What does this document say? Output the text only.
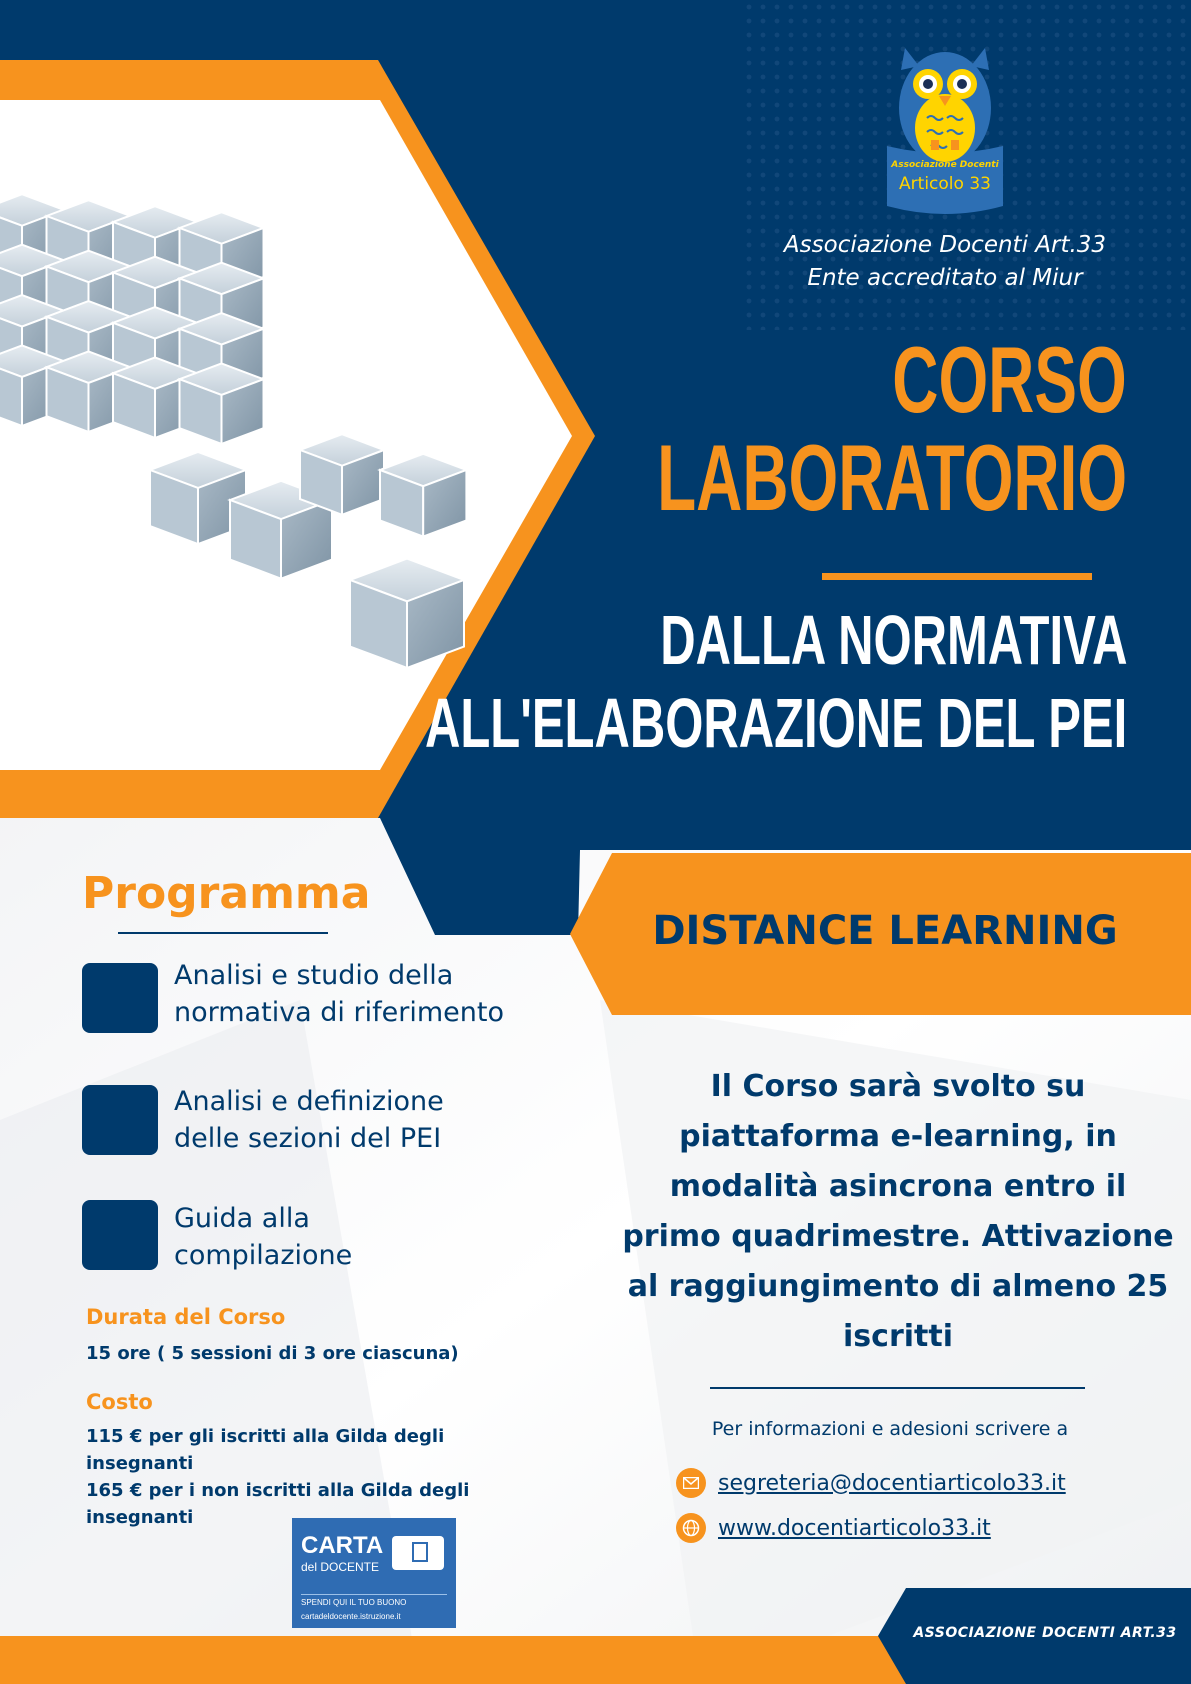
Associazione Docenti
Articolo 33
Associazione Docenti Art.33
Ente accreditato al Miur
CORSO
LABORATORIO
DALLA NORMATIVA
ALL'ELABORAZIONE DEL PEI
Programma
Analisi e studio della normativa di riferimento
Analisi e definizione delle sezioni del PEI
Guida alla compilazione
Durata del Corso
15 ore ( 5 sessioni di 3 ore ciascuna)
Costo
115 € per gli iscritti alla Gilda degli insegnanti
165 € per i non iscritti alla Gilda degli insegnanti
CARTA
del DOCENTE
SPENDI QUI IL TUO BUONO
cartadeldocente.istruzione.it
DISTANCE LEARNING
Il Corso sarà svolto su piattaforma e-learning, in modalità asincrona entro il primo quadrimestre. Attivazione al raggiungimento di almeno 25 iscritti
Per informazioni e adesioni scrivere a
segreteria@docentiarticolo33.it
www.docentiarticolo33.it
ASSOCIAZIONE DOCENTI ART.33
